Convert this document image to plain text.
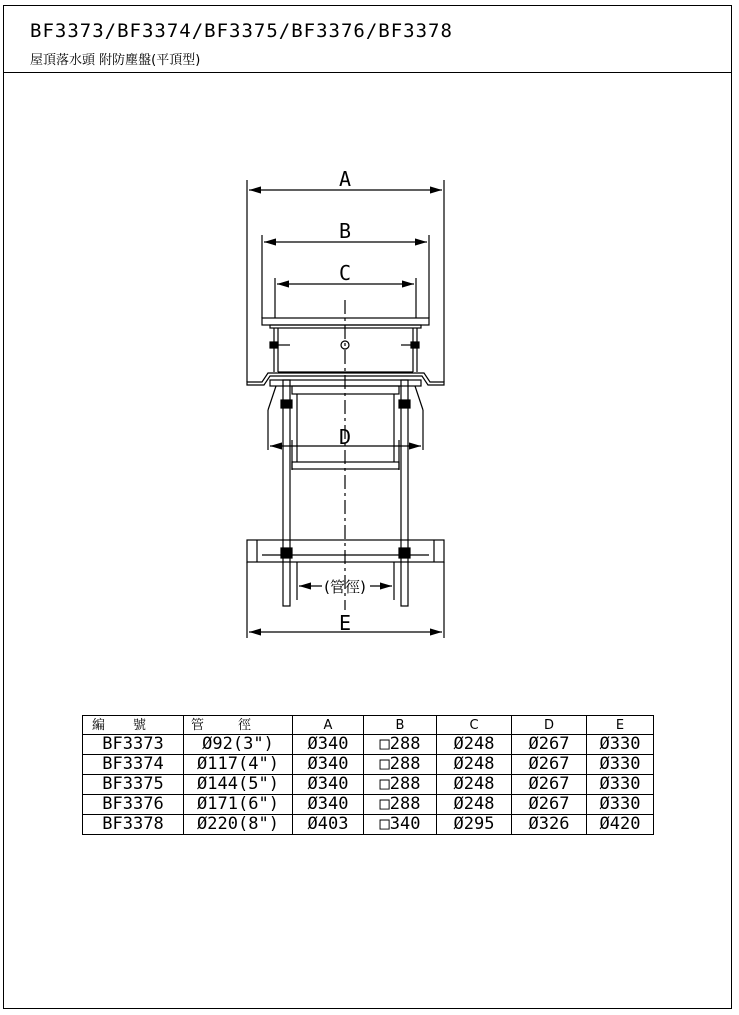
BF3373/BF3374/BF3375/BF3376/BF3378
屋頂落水頭 附防塵盤(平頂型)
A
B
C
D
(管徑)
E
編號	管徑	A	B	C	D	E
BF3373	Ø92(3")	Ø340	□288	Ø248	Ø267	Ø330
BF3374	Ø117(4")	Ø340	□288	Ø248	Ø267	Ø330
BF3375	Ø144(5")	Ø340	□288	Ø248	Ø267	Ø330
BF3376	Ø171(6")	Ø340	□288	Ø248	Ø267	Ø330
BF3378	Ø220(8")	Ø403	□340	Ø295	Ø326	Ø420
